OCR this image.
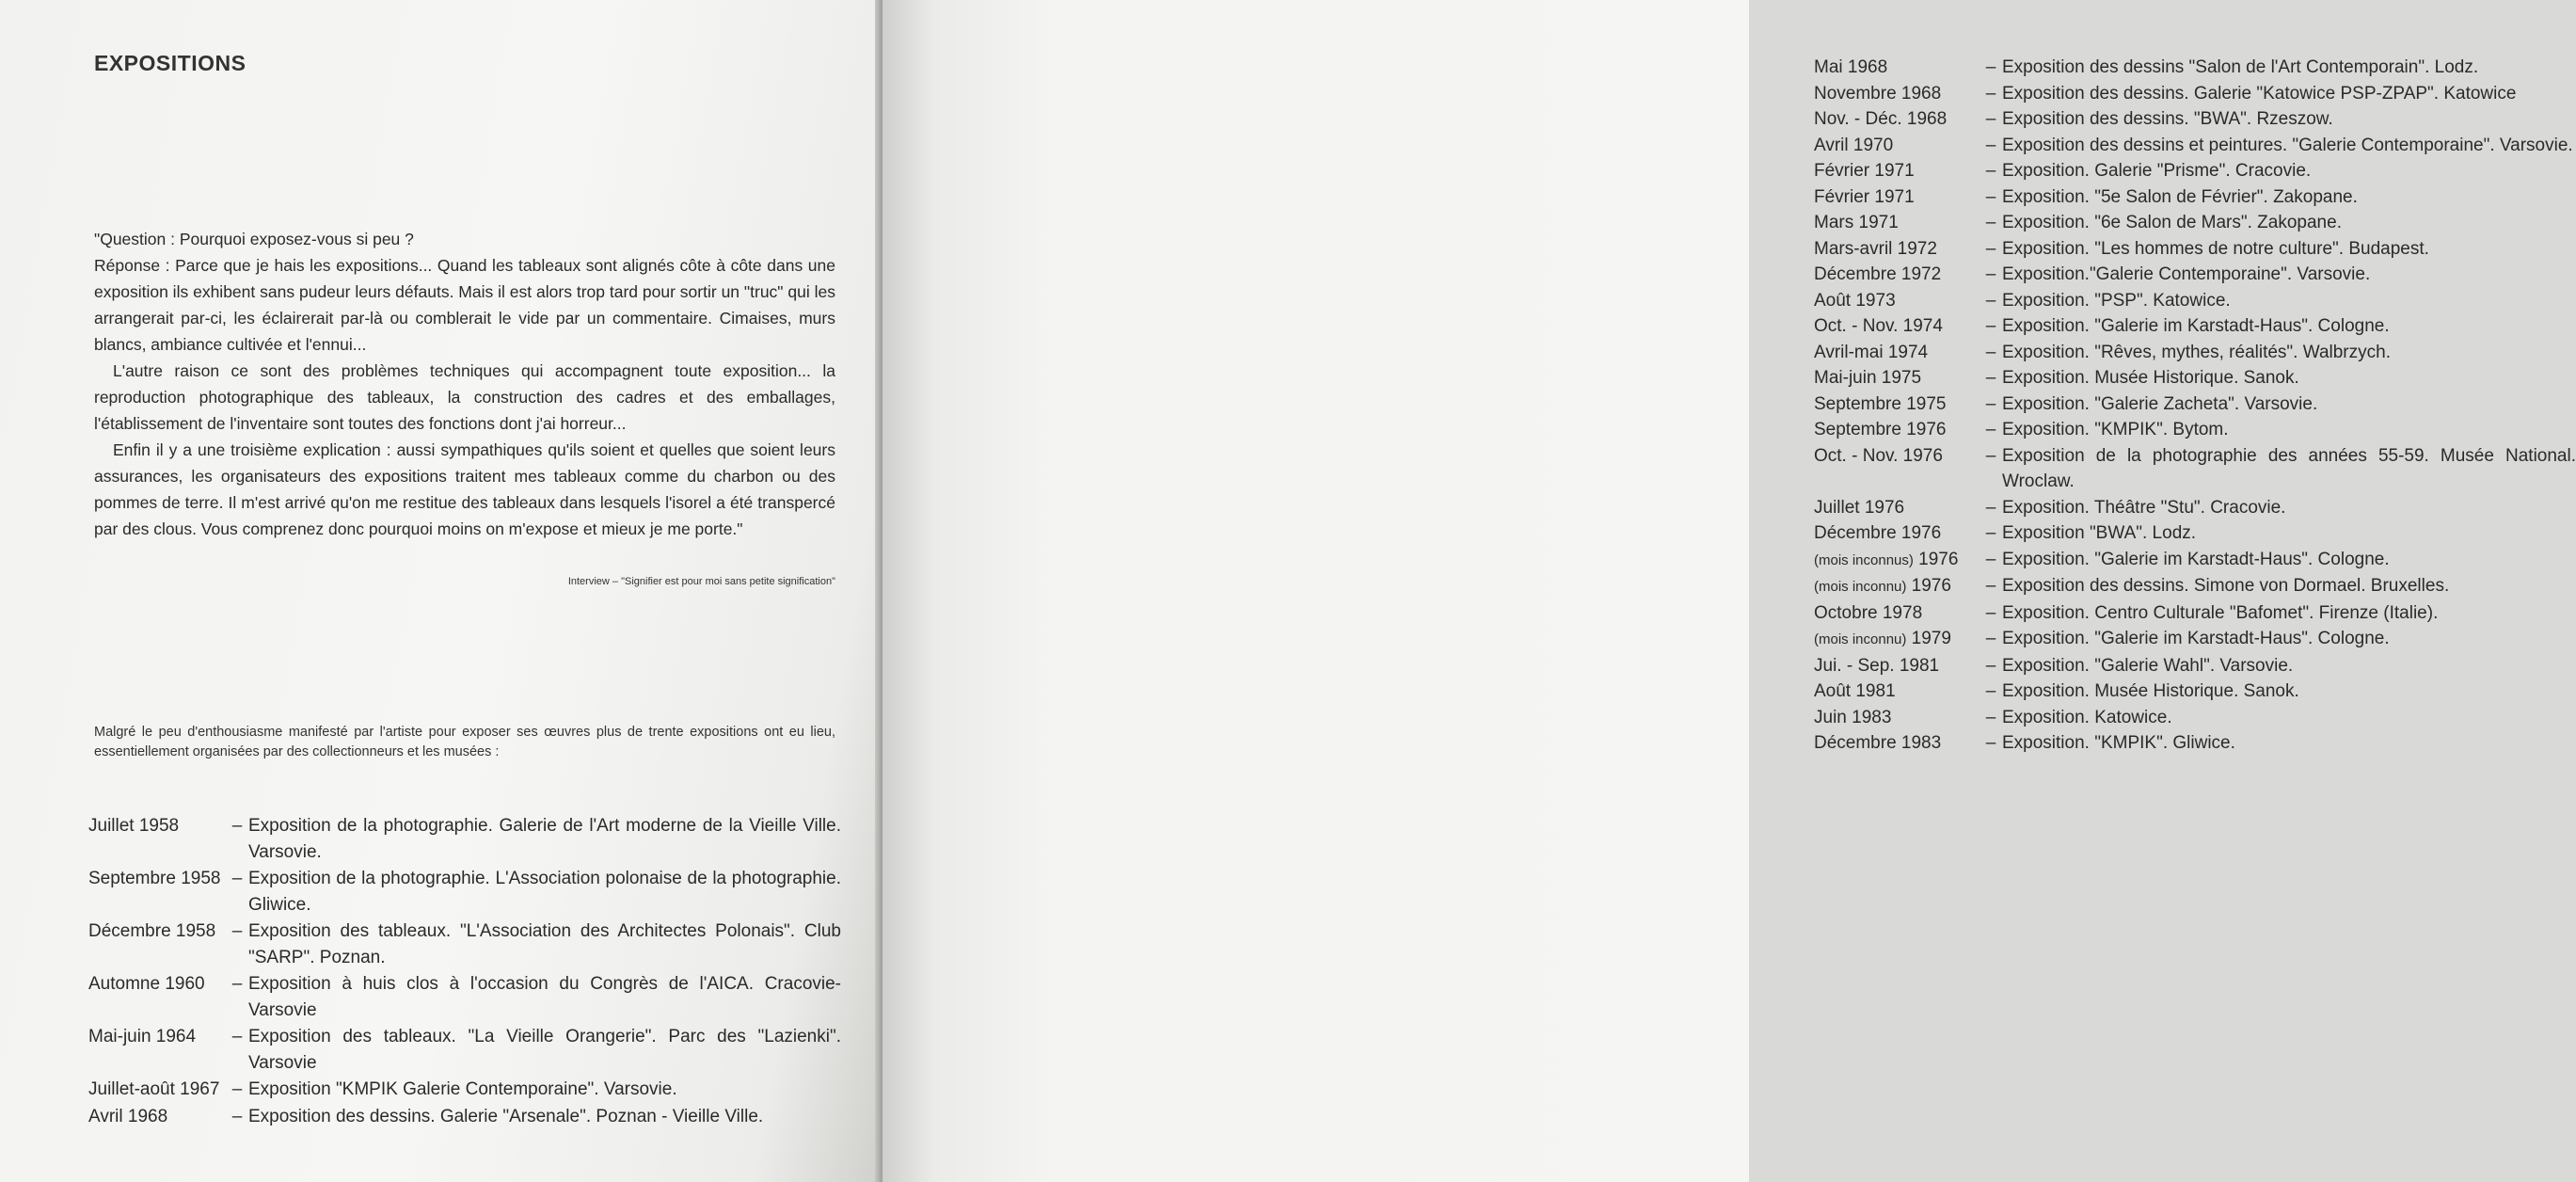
EXPOSITIONS

"Question : Pourquoi exposez-vous si peu ?

Réponse : Parce que je hais les expositions... Quand les tableaux sont alignés côte à côte dans une exposition ils exhibent sans pudeur leurs défauts. Mais il est alors trop tard pour sortir un "truc" qui les arrangerait par-ci, les éclairerait par-là ou comblerait le vide par un commentaire. Cimaises, murs blancs, ambiance cultivée et l'ennui...

L'autre raison ce sont des problèmes techniques qui accompagnent toute exposition... la reproduction photographique des tableaux, la construction des cadres et des emballages, l'établissement de l'inventaire sont toutes des fonctions dont j'ai horreur...

Enfin il y a une troisième explication : aussi sympathiques qu'ils soient et quelles que soient leurs assurances, les organisateurs des expositions traitent mes tableaux comme du charbon ou des pommes de terre. Il m'est arrivé qu'on me restitue des tableaux dans lesquels l'isorel a été transpercé par des clous. Vous comprenez donc pourquoi moins on m'expose et mieux je me porte."

Interview – "Signifier est pour moi sans petite signification"
Malgré le peu d'enthousiasme manifesté par l'artiste pour exposer ses œuvres plus de trente expositions ont eu lieu, essentiellement organisées par des collectionneurs et les musées :
Juillet 1958	– Exposition de la photographie. Galerie de l'Art moderne de la Vieille Ville. Varsovie.
Septembre 1958 – Exposition de la photographie. L'Association polonaise de la photographie. Gliwice.
Décembre 1958 – Exposition des tableaux. "L'Association des Architectes Polonais". Club "SARP". Poznan.
Automne 1960	– Exposition à huis clos à l'occasion du Congrès de l'AICA. Cracovie-Varsovie
Mai-juin 1964	– Exposition des tableaux. "La Vieille Orangerie". Parc des "Lazienki". Varsovie
Juillet-août 1967 – Exposition "KMPIK Galerie Contemporaine". Varsovie.
Avril 1968	– Exposition des dessins. Galerie "Arsenale". Poznan - Vieille Ville.
Mai 1968	– Exposition des dessins "Salon de l'Art Contemporain". Lodz.
Novembre 1968	– Exposition des dessins. Galerie "Katowice PSP-ZPAP". Katowice
Nov. - Déc. 1968	– Exposition des dessins. "BWA". Rzeszow.
Avril 1970	– Exposition des dessins et peintures. "Galerie Contemporaine". Varsovie.
Février 1971	– Exposition. Galerie "Prisme". Cracovie.
Février 1971	– Exposition. "5e Salon de Février". Zakopane.
Mars 1971	– Exposition. "6e Salon de Mars". Zakopane.
Mars-avril 1972	– Exposition. "Les hommes de notre culture". Budapest.
Décembre 1972	– Exposition."Galerie Contemporaine". Varsovie.
Août 1973	– Exposition. "PSP". Katowice.
Oct. - Nov. 1974	– Exposition. "Galerie im Karstadt-Haus". Cologne.
Avril-mai 1974	– Exposition. "Rêves, mythes, réalités". Walbrzych.
Mai-juin 1975	– Exposition. Musée Historique. Sanok.
Septembre 1975	– Exposition. "Galerie Zacheta". Varsovie.
Septembre 1976	– Exposition. "KMPIK". Bytom.
Oct. - Nov. 1976	– Exposition de la photographie des années 55-59. Musée National. Wroclaw.
Juillet 1976	– Exposition. Théâtre "Stu". Cracovie.
Décembre 1976	– Exposition "BWA". Lodz.
(mois inconnus) 1976	– Exposition. "Galerie im Karstadt-Haus". Cologne.
(mois inconnu) 1976	– Exposition des dessins. Simone von Dormael. Bruxelles.
Octobre 1978	– Exposition. Centro Culturale "Bafomet". Firenze (Italie).
(mois inconnu) 1979	– Exposition. "Galerie im Karstadt-Haus". Cologne.
Jui. - Sep. 1981	– Exposition. "Galerie Wahl". Varsovie.
Août 1981	– Exposition. Musée Historique. Sanok.
Juin 1983	– Exposition. Katowice.
Décembre 1983	– Exposition. "KMPIK". Gliwice.
